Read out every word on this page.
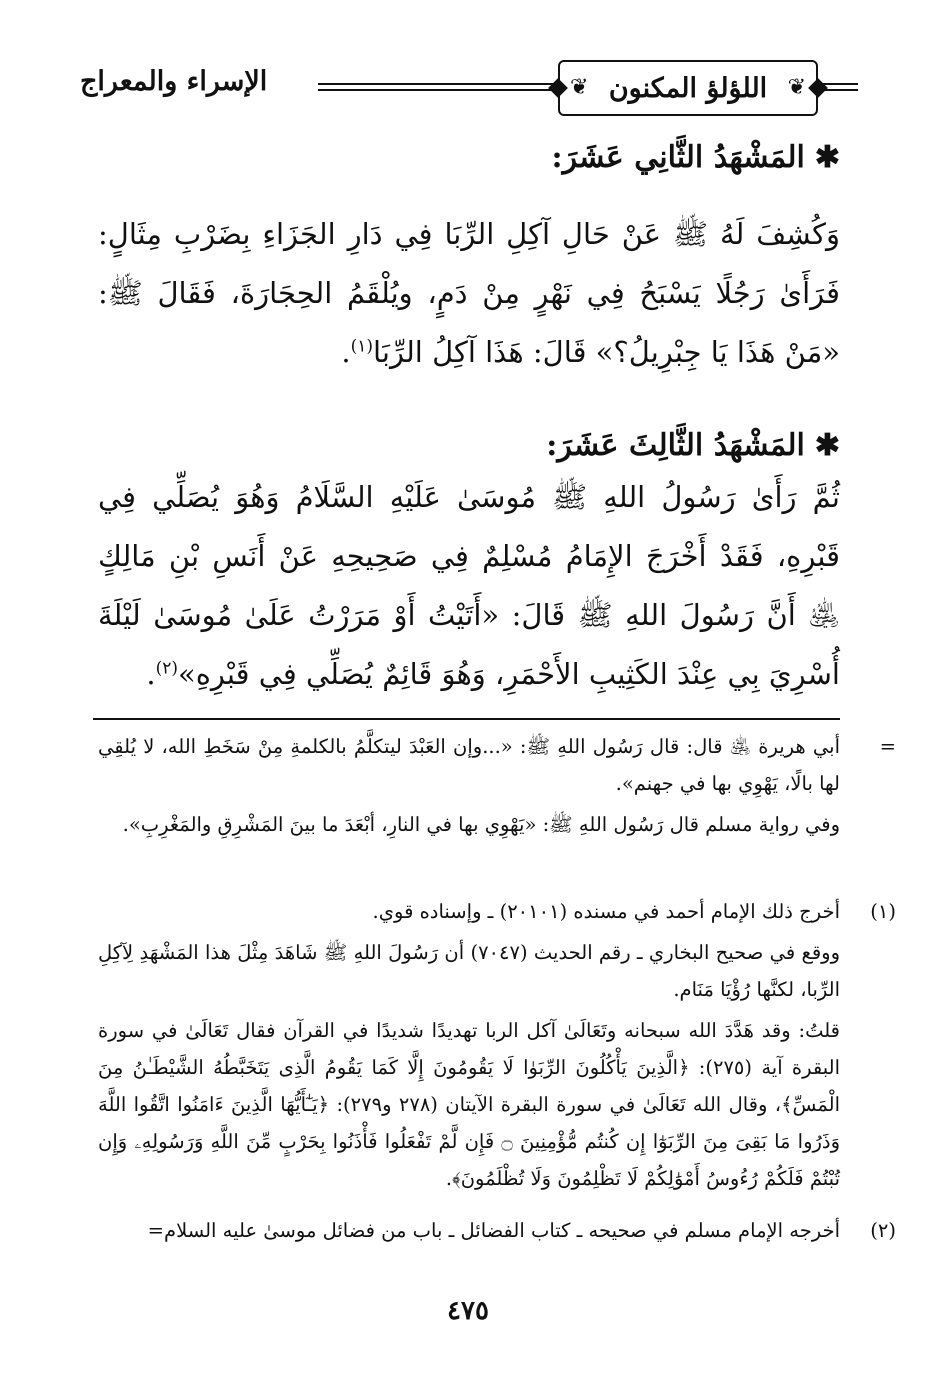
❦
اللؤلؤ المكنون
❦
الإسراء والمعراج
✱المَشْهَدُ الثَّانِي عَشَرَ:
وَكُشِفَ لَهُ ﷺ عَنْ حَالِ آكِلِ الرِّبَا فِي دَارِ الجَزَاءِ بِضَرْبِ مِثَالٍ: فَرَأَىٰ رَجُلًا يَسْبَحُ فِي نَهْرٍ مِنْ دَمٍ، ويُلْقَمُ الحِجَارَةَ، فَقَالَ ﷺ: «مَنْ هَذَا يَا جِبْرِيلُ؟» قَالَ: هَذَا آكِلُ الرِّبَا$^{(١)}$.
✱المَشْهَدُ الثَّالِثَ عَشَرَ:
ثُمَّ رَأَىٰ رَسُولُ اللهِ ﷺ مُوسَىٰ عَلَيْهِ السَّلَامُ وَهُوَ يُصَلِّي فِي قَبْرِهِ، فَقَدْ أَخْرَجَ الإِمَامُ مُسْلِمٌ فِي صَحِيحِهِ عَنْ أَنَسِ بْنِ مَالِكٍ ﵁ أَنَّ رَسُولَ اللهِ ﷺ قَالَ: «أَتَيْتُ أَوْ مَرَرْتُ عَلَىٰ مُوسَىٰ لَيْلَةَ أُسْرِيَ بِي عِنْدَ الكَثِيبِ الأَحْمَرِ، وَهُوَ قَائِمٌ يُصَلِّي فِي قَبْرِهِ»$^{(٢)}$.
=
أبي هريرة ﵁ قال: قال رَسُول اللهِ ﷺ: «...وإن العَبْدَ ليتكلَّمُ بالكلمةِ مِنْ سَخَطِ الله، لا يُلقِي لها بالًا، يَهْوِي بها في جهنم».
وفي رواية مسلم قال رَسُول اللهِ ﷺ: «يَهْوِي بها في النارِ، أبْعَدَ ما بينَ المَشْرِقِ والمَغْرِبِ».
(١)
أخرج ذلك الإمام أحمد في مسنده (٢٠١٠١) ـ وإسناده قوي.
ووقع في صحيح البخاري ـ رقم الحديث (٧٠٤٧) أن رَسُولَ اللهِ ﷺ شَاهَدَ مِثْلَ هذا المَشْهَدِ لِآكِلِ الرِّبا، لكنَّها رُؤْيَا مَنَام.
قلتُ: وقد هَدَّدَ الله سبحانه وتَعَالَىٰ آكل الربا تهديدًا شديدًا في القرآن فقال تَعَالَىٰ في سورة البقرة آية (٢٧٥): ﴿الَّذِينَ يَأْكُلُونَ الرِّبَوٰا لَا يَقُومُونَ إِلَّا كَمَا يَقُومُ الَّذِى يَتَخَبَّطُهُ الشَّيْطَـٰنُ مِنَ الْمَسِّ﴾، وقال الله تَعَالَىٰ في سورة البقرة الآيتان (٢٧٨ و٢٧٩): ﴿يَـٰٓأَيُّهَا الَّذِينَ ءَامَنُوا اتَّقُوا اللَّهَ وَذَرُوا مَا بَقِىَ مِنَ الرِّبَوٰٓا إِن كُنتُم مُّؤْمِنِينَ ۝ فَإِن لَّمْ تَفْعَلُوا فَأْذَنُوا بِحَرْبٍ مِّنَ اللَّهِ وَرَسُولِهِۦ وَإِن تُبْتُمْ فَلَكُمْ رُءُوسُ أَمْوَٰلِكُمْ لَا تَظْلِمُونَ وَلَا تُظْلَمُونَ﴾.
(٢)
أخرجه الإمام مسلم في صحيحه ـ كتاب الفضائل ـ باب من فضائل موسىٰ عليه السلام=
٤٧٥
